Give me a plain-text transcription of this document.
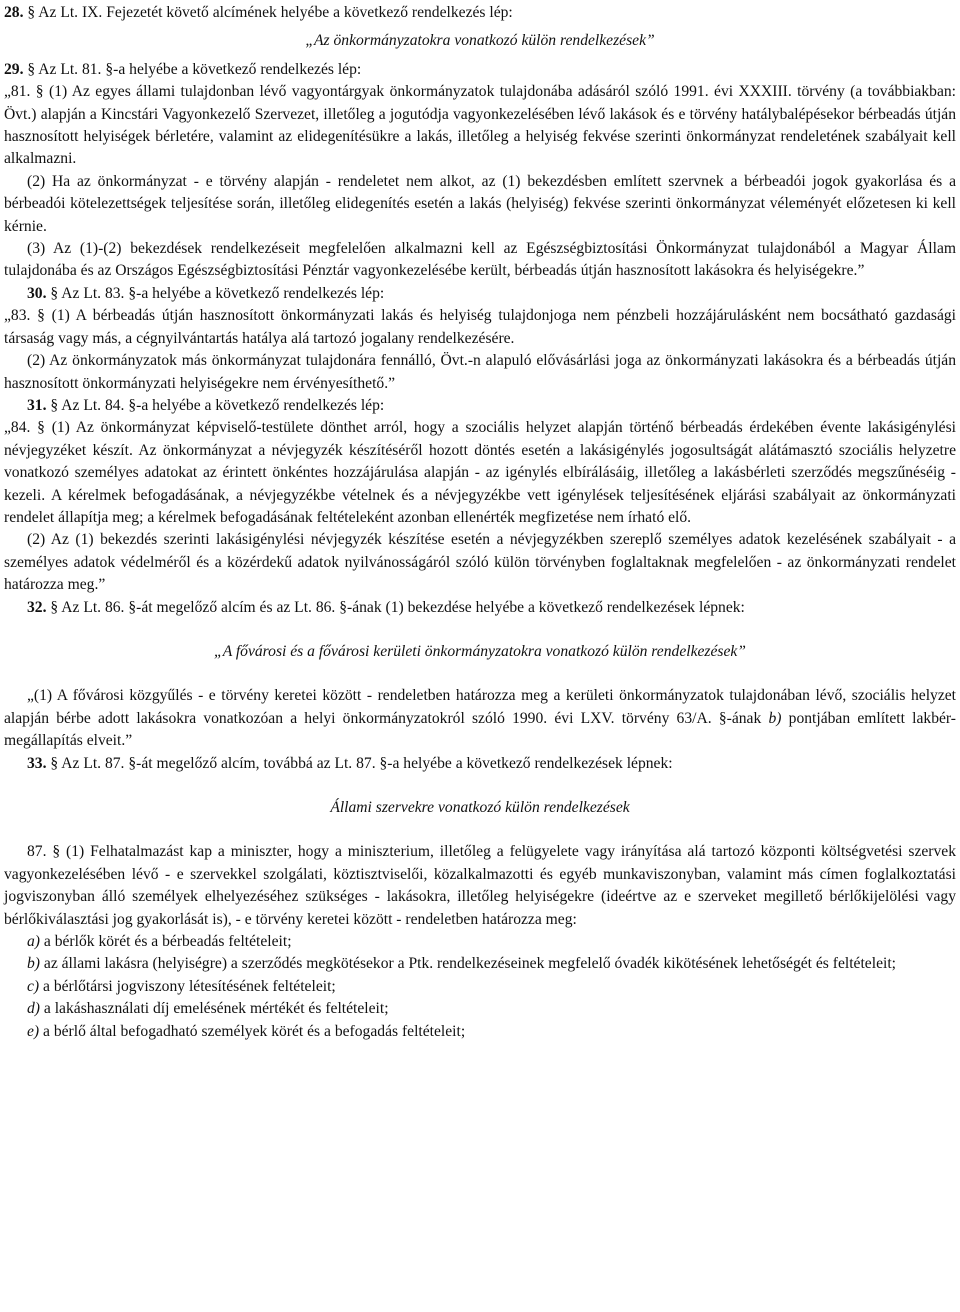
28. § Az Lt. IX. Fejezetét követő alcímének helyébe a következő rendelkezés lép:

„Az önkormányzatokra vonatkozó külön rendelkezések”

29. § Az Lt. 81. §-a helyébe a következő rendelkezés lép:

„81. § (1) Az egyes állami tulajdonban lévő vagyontárgyak önkormányzatok tulajdonába adásáról szóló 1991. évi XXXIII. törvény (a továbbiakban: Övt.) alapján a Kincstári Vagyonkezelő Szervezet, illetőleg a jogutódja vagyonkezelésében lévő lakások és e törvény hatálybalépésekor bérbeadás útján hasznosított helyiségek bérletére, valamint az elidegenítésükre a lakás, illetőleg a helyiség fekvése szerinti önkormányzat rendeletének szabályait kell alkalmazni.

(2) Ha az önkormányzat - e törvény alapján - rendeletet nem alkot, az (1) bekezdésben említett szervnek a bérbeadói jogok gyakorlása és a bérbeadói kötelezettségek teljesítése során, illetőleg elidegenítés esetén a lakás (helyiség) fekvése szerinti önkormányzat véleményét előzetesen ki kell kérnie.

(3) Az (1)-(2) bekezdések rendelkezéseit megfelelően alkalmazni kell az Egészségbiztosítási Önkormányzat tulajdonából a Magyar Állam tulajdonába és az Országos Egészségbiztosítási Pénztár vagyonkezelésébe került, bérbeadás útján hasznosított lakásokra és helyiségekre.”

30. § Az Lt. 83. §-a helyébe a következő rendelkezés lép:

„83. § (1) A bérbeadás útján hasznosított önkormányzati lakás és helyiség tulajdonjoga nem pénzbeli hozzájárulásként nem bocsátható gazdasági társaság vagy más, a cégnyilvántartás hatálya alá tartozó jogalany rendelkezésére.

(2) Az önkormányzatok más önkormányzat tulajdonára fennálló, Övt.-n alapuló elővásárlási joga az önkormányzati lakásokra és a bérbeadás útján hasznosított önkormányzati helyiségekre nem érvényesíthető.”

31. § Az Lt. 84. §-a helyébe a következő rendelkezés lép:

„84. § (1) Az önkormányzat képviselő-testülete dönthet arról, hogy a szociális helyzet alapján történő bérbeadás érdekében évente lakásigénylési névjegyzéket készít. Az önkormányzat a névjegyzék készítéséről hozott döntés esetén a lakásigénylés jogosultságát alátámasztó szociális helyzetre vonatkozó személyes adatokat az érintett önkéntes hozzájárulása alapján - az igénylés elbírálásáig, illetőleg a lakásbérleti szerződés megszűnéséig - kezeli. A kérelmek befogadásának, a névjegyzékbe vételnek és a névjegyzékbe vett igénylések teljesítésének eljárási szabályait az önkormányzati rendelet állapítja meg; a kérelmek befogadásának feltételeként azonban ellenérték megfizetése nem írható elő.

(2) Az (1) bekezdés szerinti lakásigénylési névjegyzék készítése esetén a névjegyzékben szereplő személyes adatok kezelésének szabályait - a személyes adatok védelméről és a közérdekű adatok nyilvánosságáról szóló külön törvényben foglaltaknak megfelelően - az önkormányzati rendelet határozza meg.”

32. § Az Lt. 86. §-át megelőző alcím és az Lt. 86. §-ának (1) bekezdése helyébe a következő rendelkezések lépnek:

„A fővárosi és a fővárosi kerületi önkormányzatokra vonatkozó külön rendelkezések”

„(1) A fővárosi közgyűlés - e törvény keretei között - rendeletben határozza meg a kerületi önkormányzatok tulajdonában lévő, szociális helyzet alapján bérbe adott lakásokra vonatkozóan a helyi önkormányzatokról szóló 1990. évi LXV. törvény 63/A. §-ának b) pontjában említett lakbér-megállapítás elveit.”

33. § Az Lt. 87. §-át megelőző alcím, továbbá az Lt. 87. §-a helyébe a következő rendelkezések lépnek:

Állami szervekre vonatkozó külön rendelkezések

87. § (1) Felhatalmazást kap a miniszter, hogy a miniszterium, illetőleg a felügyelete vagy irányítása alá tartozó központi költségvetési szervek vagyonkezelésében lévő - e szervekkel szolgálati, köztisztviselői, közalkalmazotti és egyéb munkaviszonyban, valamint más címen foglalkoztatási jogviszonyban álló személyek elhelyezéséhez szükséges - lakásokra, illetőleg helyiségekre (ideértve az e szerveket megillető bérlőkijelölési vagy bérlőkiválasztási jog gyakorlását is), - e törvény keretei között - rendeletben határozza meg:

a) a bérlők körét és a bérbeadás feltételeit;

b) az állami lakásra (helyiségre) a szerződés megkötésekor a Ptk. rendelkezéseinek megfelelő óvadék kikötésének lehetőségét és feltételeit;

c) a bérlőtársi jogviszony létesítésének feltételeit;

d) a lakáshasználati díj emelésének mértékét és feltételeit;

e) a bérlő által befogadható személyek körét és a befogadás feltételeit;
